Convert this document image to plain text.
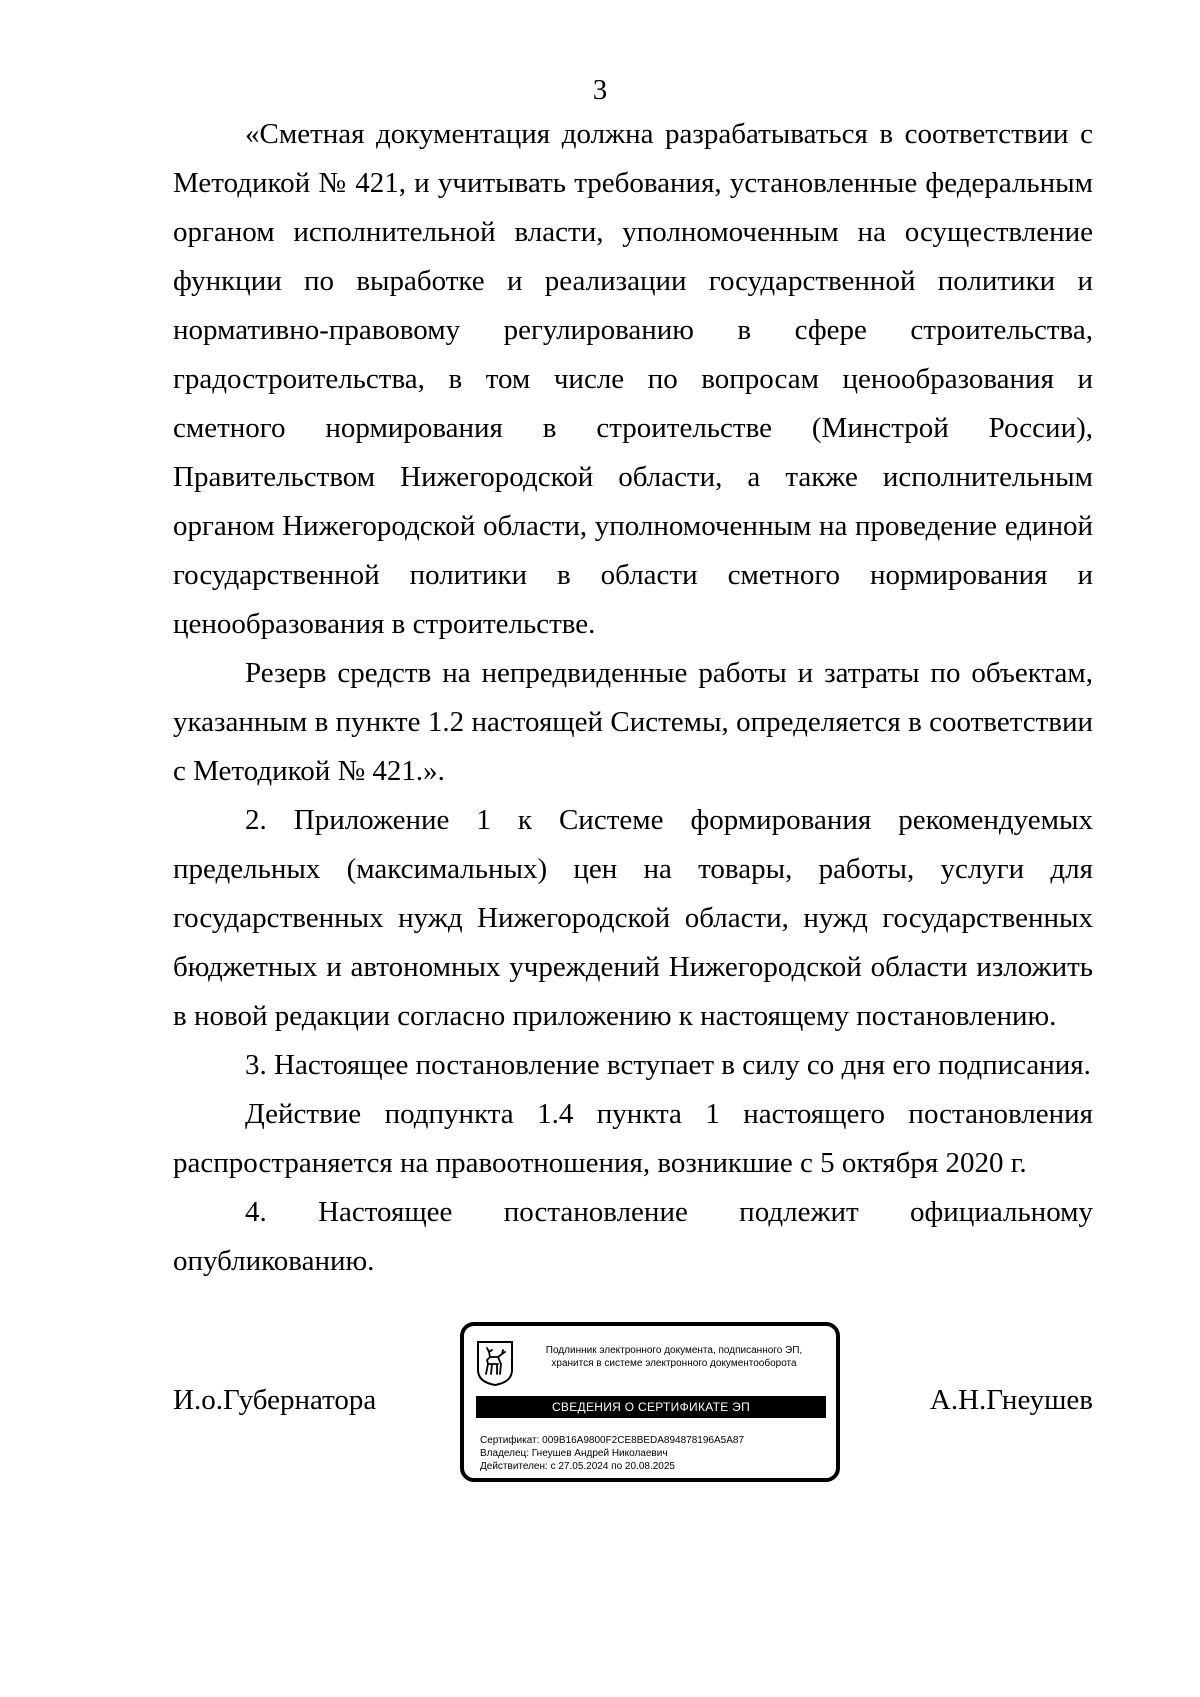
3

«Сметная документация должна разрабатываться в соответствии с Методикой № 421, и учитывать требования, установленные федеральным органом исполнительной власти, уполномоченным на осуществление функции по выработке и реализации государственной политики и нормативно-правовому регулированию в сфере строительства, градостроительства, в том числе по вопросам ценообразования и сметного нормирования в строительстве (Минстрой России), Правительством Нижегородской области, а также исполнительным органом Нижегородской области, уполномоченным на проведение единой государственной политики в области сметного нормирования и ценообразования в строительстве.

Резерв средств на непредвиденные работы и затраты по объектам, указанным в пункте 1.2 настоящей Системы, определяется в соответствии с Методикой № 421.».

2. Приложение 1 к Системе формирования рекомендуемых предельных (максимальных) цен на товары, работы, услуги для государственных нужд Нижегородской области, нужд государственных бюджетных и автономных учреждений Нижегородской области изложить в новой редакции согласно приложению к настоящему постановлению.

3. Настоящее постановление вступает в силу со дня его подписания.

Действие подпункта 1.4 пункта 1 настоящего постановления распространяется на правоотношения, возникшие с 5 октября 2020 г.

4. Настоящее постановление подлежит официальному опубликованию.

И.о.Губернатора
Подлинник электронного документа, подписанного ЭП, хранится в системе электронного документооборота
СВЕДЕНИЯ О СЕРТИФИКАТЕ ЭП
Сертификат: 009B16A9800F2CE8BEDA894878196A5A87
Владелец: Гнеушев Андрей Николаевич
Действителен: с 27.05.2024 по 20.08.2025
А.Н.Гнеушев
